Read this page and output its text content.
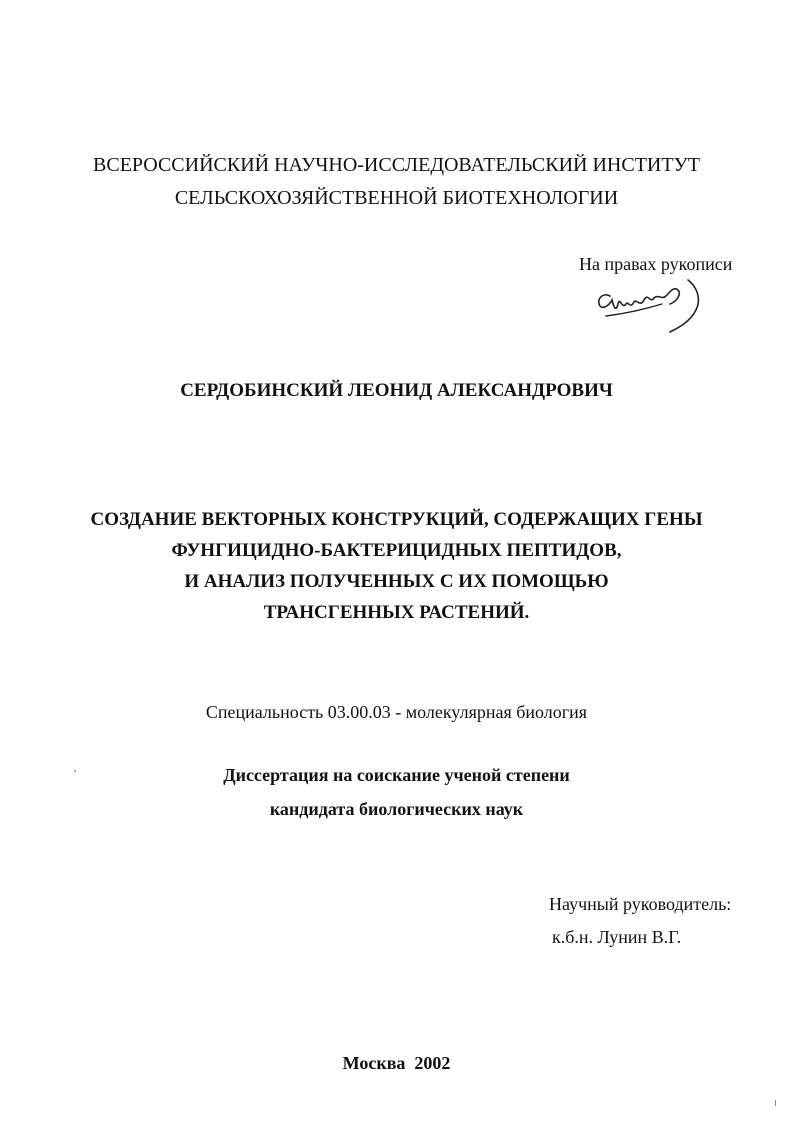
ВСЕРОССИЙСКИЙ НАУЧНО-ИССЛЕДОВАТЕЛЬСКИЙ ИНСТИТУТ
СЕЛЬСКОХОЗЯЙСТВЕННОЙ БИОТЕХНОЛОГИИ
На правах рукописи
СЕРДОБИНСКИЙ ЛЕОНИД АЛЕКСАНДРОВИЧ
СОЗДАНИЕ ВЕКТОРНЫХ КОНСТРУКЦИЙ, СОДЕРЖАЩИХ ГЕНЫ
ФУНГИЦИДНО-БАКТЕРИЦИДНЫХ ПЕПТИДОВ,
И АНАЛИЗ ПОЛУЧЕННЫХ С ИХ ПОМОЩЬЮ
ТРАНСГЕННЫХ РАСТЕНИЙ.
Специальность 03.00.03 - молекулярная биология
Диссертация на соискание ученой степени
кандидата биологических наук
Научный руководитель:
к.б.н. Лунин В.Г.
Москва  2002
